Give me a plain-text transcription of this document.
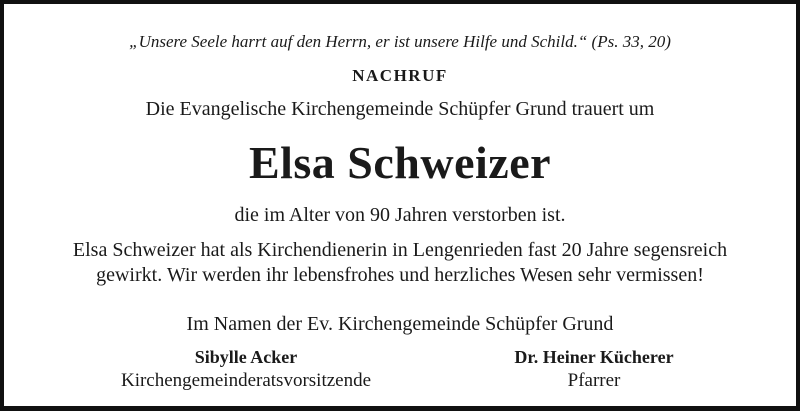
„Unsere Seele harrt auf den Herrn, er ist unsere Hilfe und Schild.“ (Ps. 33, 20)
NACHRUF
Die Evangelische Kirchengemeinde Schüpfer Grund trauert um
Elsa Schweizer
die im Alter von 90 Jahren verstorben ist.
Elsa Schweizer hat als Kirchendienerin in Lengenrieden fast 20 Jahre segensreich
gewirkt. Wir werden ihr lebensfrohes und herzliches Wesen sehr vermissen!
Im Namen der Ev. Kirchengemeinde Schüpfer Grund
Sibylle Acker
Kirchengemeinderatsvorsitzende
Dr. Heiner Kücherer
Pfarrer
